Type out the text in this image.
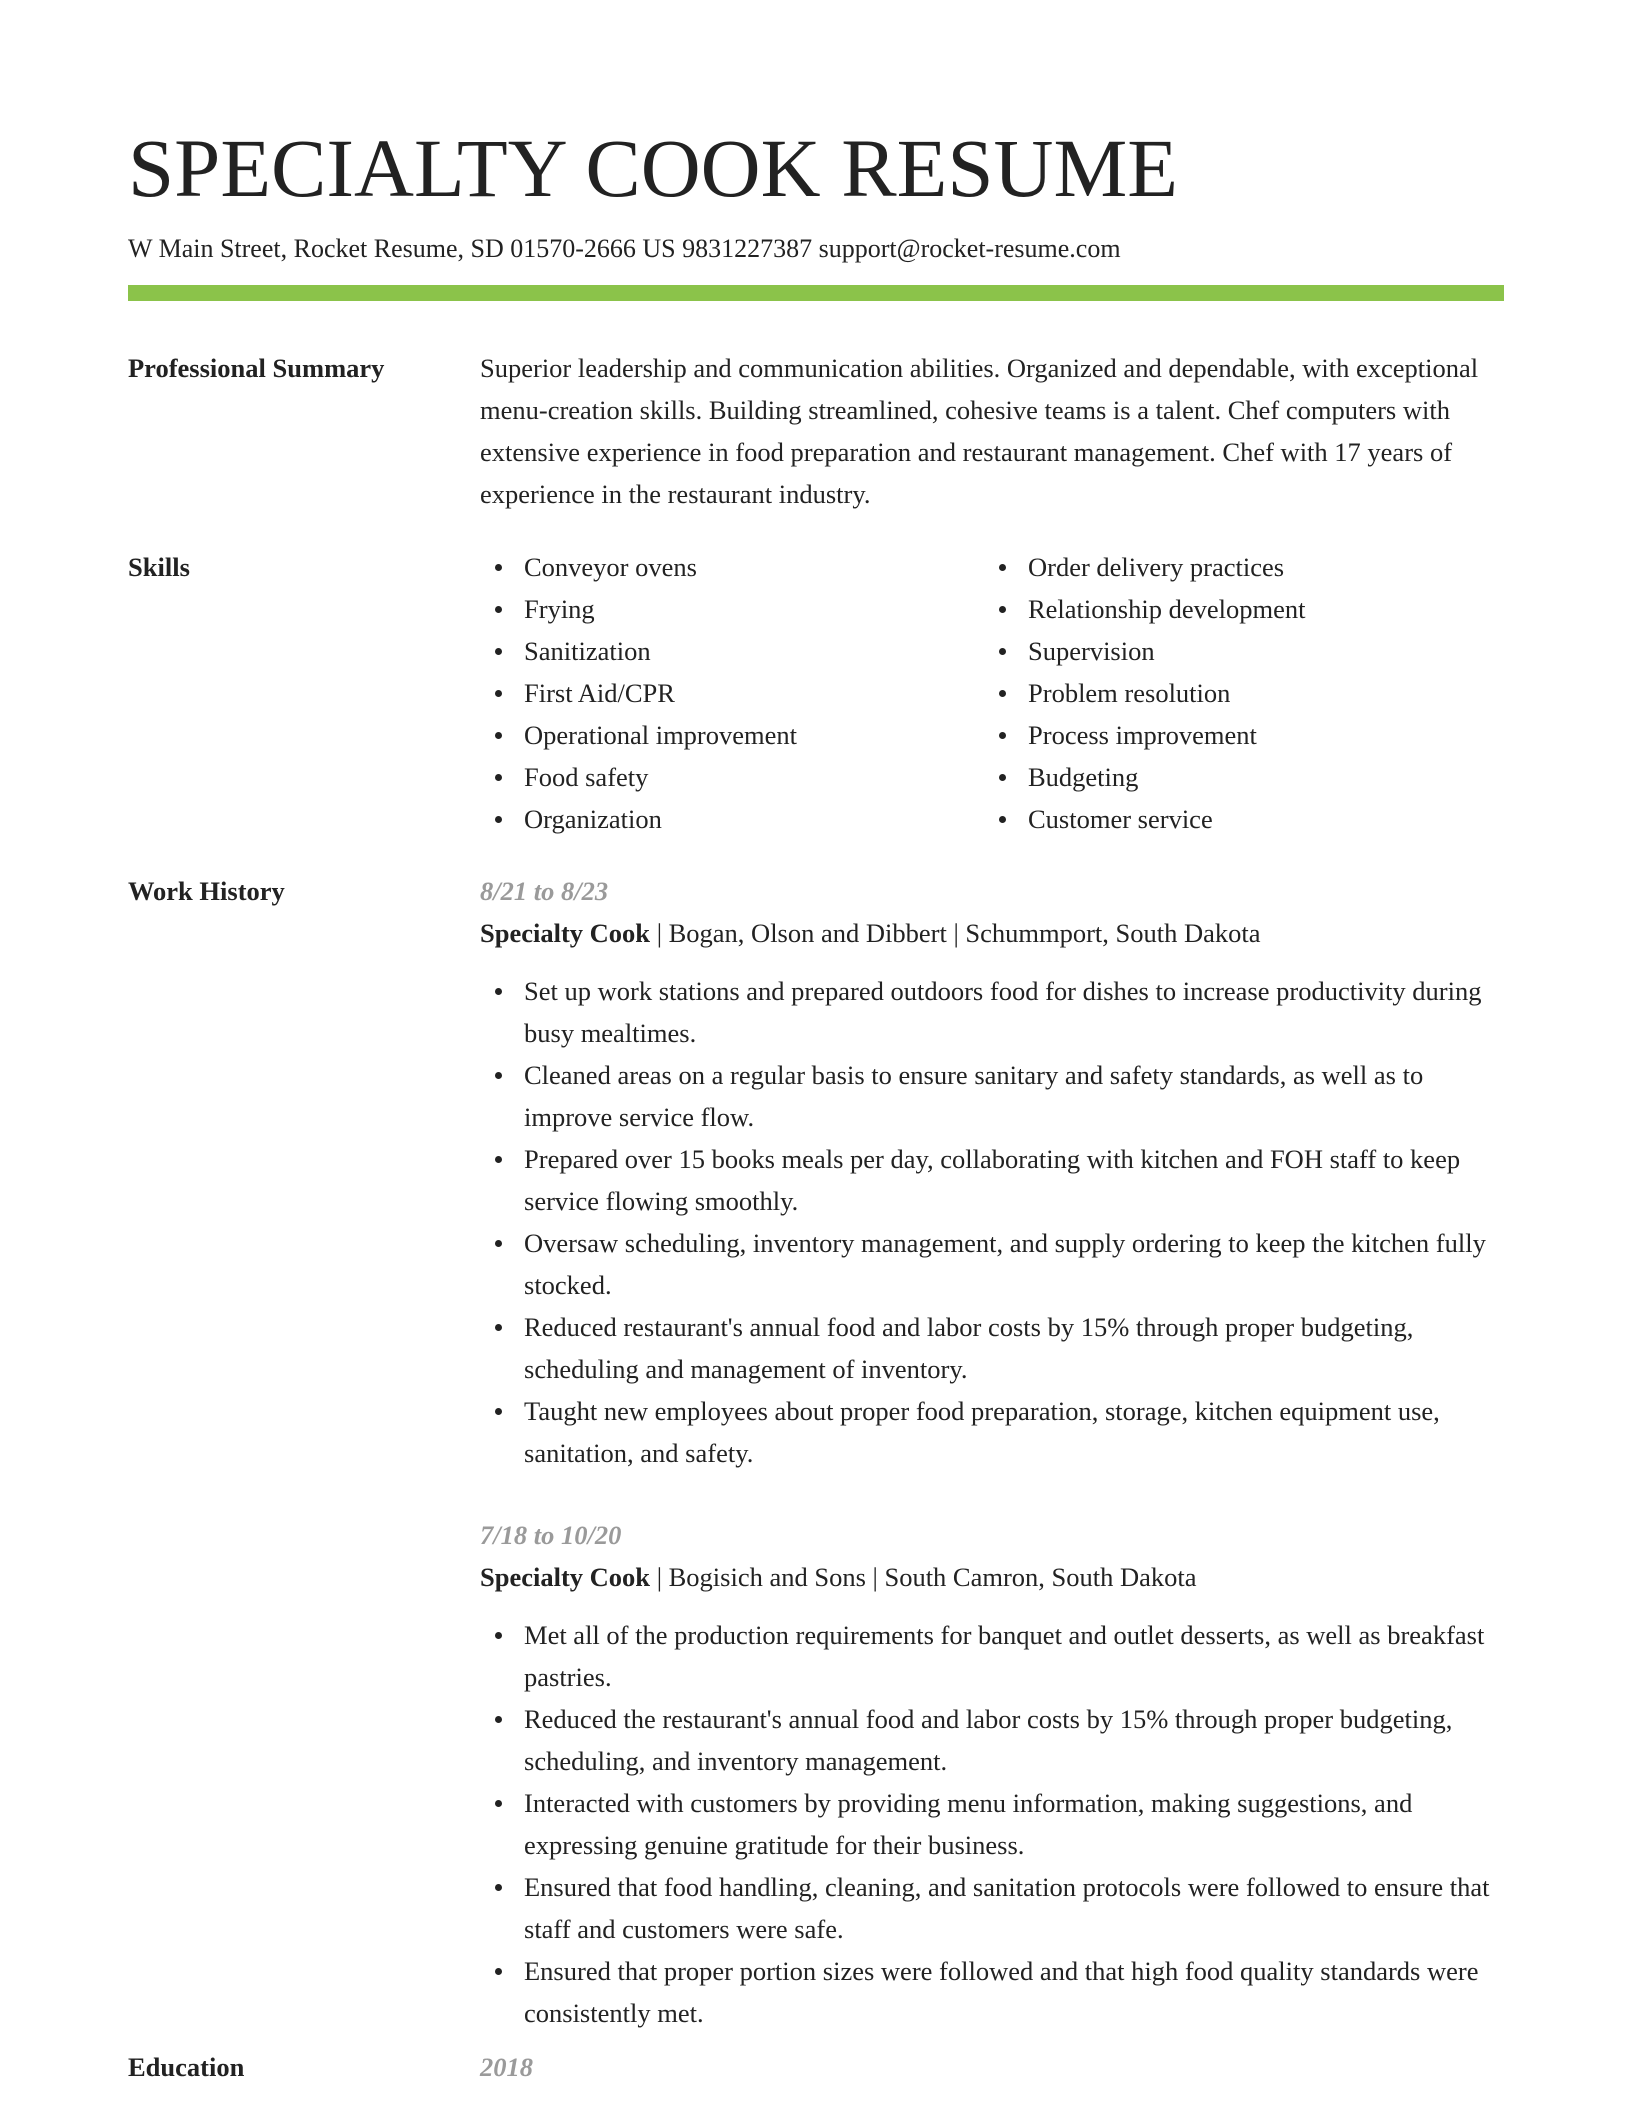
SPECIALTY COOK RESUME
W Main Street, Rocket Resume, SD 01570-2666 US 9831227387 support@rocket-resume.com
Professional Summary	Superior leadership and communication abilities. Organized and dependable, with exceptional menu-creation skills. Building streamlined, cohesive teams is a talent. Chef computers with extensive experience in food preparation and restaurant management. Chef with 17 years of experience in the restaurant industry.

Skills	Conveyor ovens
Frying
Sanitization
First Aid/CPR
Operational improvement
Food safety
Organization
Order delivery practices
Relationship development
Supervision
Problem resolution
Process improvement
Budgeting
Customer service
Work History	8/21 to 8/23
Specialty Cook | Bogan, Olson and Dibbert | Schummport, South Dakota
Set up work stations and prepared outdoors food for dishes to increase productivity during busy mealtimes.
Cleaned areas on a regular basis to ensure sanitary and safety standards, as well as to improve service flow.
Prepared over 15 books meals per day, collaborating with kitchen and FOH staff to keep service flowing smoothly.
Oversaw scheduling, inventory management, and supply ordering to keep the kitchen fully stocked.
Reduced restaurant's annual food and labor costs by 15% through proper budgeting, scheduling and management of inventory.
Taught new employees about proper food preparation, storage, kitchen equipment use, sanitation, and safety.
7/18 to 10/20
Specialty Cook | Bogisich and Sons | South Camron, South Dakota
Met all of the production requirements for banquet and outlet desserts, as well as breakfast pastries.
Reduced the restaurant's annual food and labor costs by 15% through proper budgeting, scheduling, and inventory management.
Interacted with customers by providing menu information, making suggestions, and expressing genuine gratitude for their business.
Ensured that food handling, cleaning, and sanitation protocols were followed to ensure that staff and customers were safe.
Ensured that proper portion sizes were followed and that high food quality standards were consistently met.
Education	2018
